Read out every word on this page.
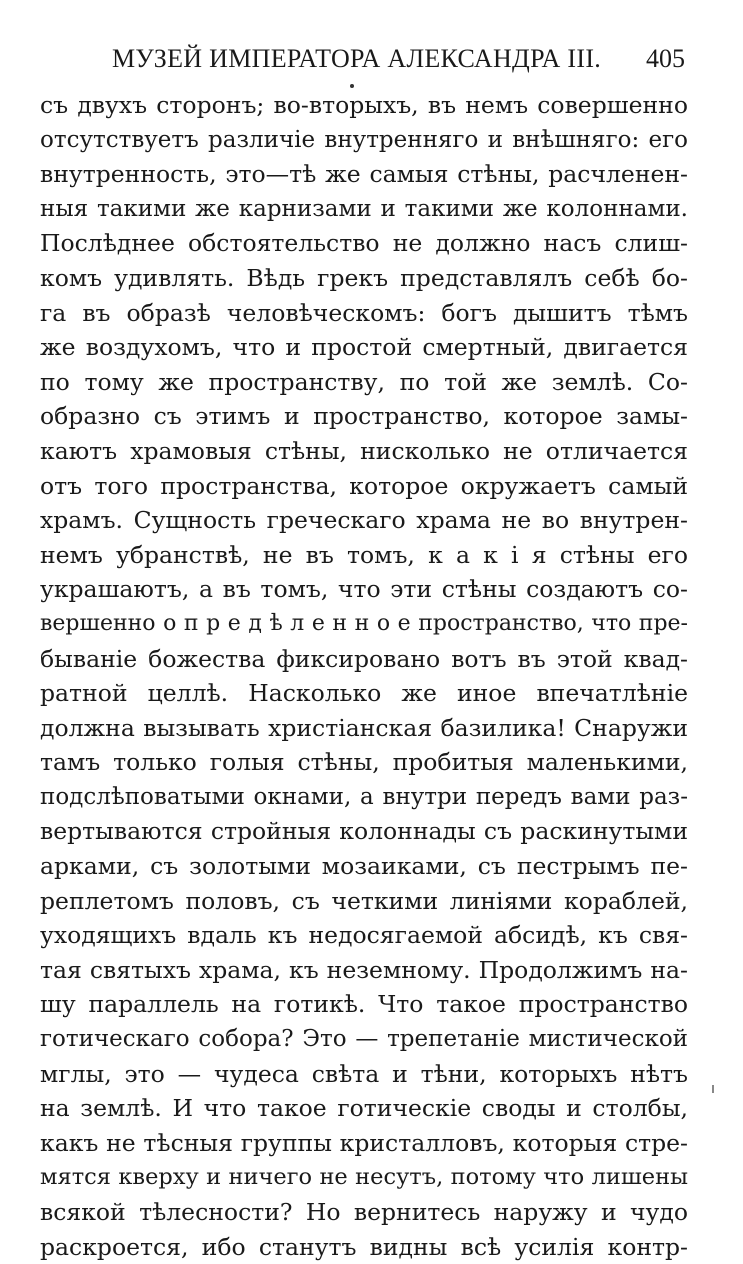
МУЗЕЙ ИМПЕРАТОРА АЛЕКСАНДРА III. 405
съ двухъ сторонъ; во-вторыхъ, въ немъ совершенно
отсутствуетъ различіе внутренняго и внѣшняго: его
внутренность, это—тѣ же самыя стѣны, расчленен-
ныя такими же карнизами и такими же колоннами.
Послѣднее обстоятельство не должно насъ слиш-
комъ удивлять. Вѣдь грекъ представлялъ себѣ бо-
га въ образѣ человѣческомъ: богъ дышитъ тѣмъ
же воздухомъ, что и простой смертный, двигается
по тому же пространству, по той же землѣ. Со-
образно съ этимъ и пространство, которое замы-
каютъ храмовыя стѣны, нисколько не отличается
отъ того пространства, которое окружаетъ самый
храмъ. Сущность греческаго храма не во внутрен-
немъ убранствѣ, не въ томъ, к а к і я стѣны его
украшаютъ, а въ томъ, что эти стѣны создаютъ со-
вершенно о п р е д ѣ л е н н о е пространство, что пре-
быванiе божества фиксировано вотъ въ этой квад-
ратной целлѣ. Насколько же иное впечатлѣніе
должна вызывать христіанская базилика! Снаружи
тамъ только голыя стѣны, пробитыя маленькими,
подслѣповатыми окнами, а внутри передъ вами раз-
вертываются стройныя колоннады съ раскинутыми
арками, съ золотыми мозаиками, съ пестрымъ пе-
реплетомъ половъ, съ четкими линіями кораблей,
уходящихъ вдаль къ недосягаемой абсидѣ, къ свя-
тая святыхъ храма, къ неземному. Продолжимъ на-
шу параллель на готикѣ. Что такое пространство
готическаго собора? Это — трепетаніе мистической
мглы, это — чудеса свѣта и тѣни, которыхъ нѣтъ
на землѣ. И что такое готическіе своды и столбы,
какъ не тѣсныя группы кристалловъ, которыя стре-
мятся кверху и ничего не несутъ, потому что лишены
всякой тѣлесности? Но вернитесь наружу и чудо
раскроется, ибо станутъ видны всѣ усилія контр-
